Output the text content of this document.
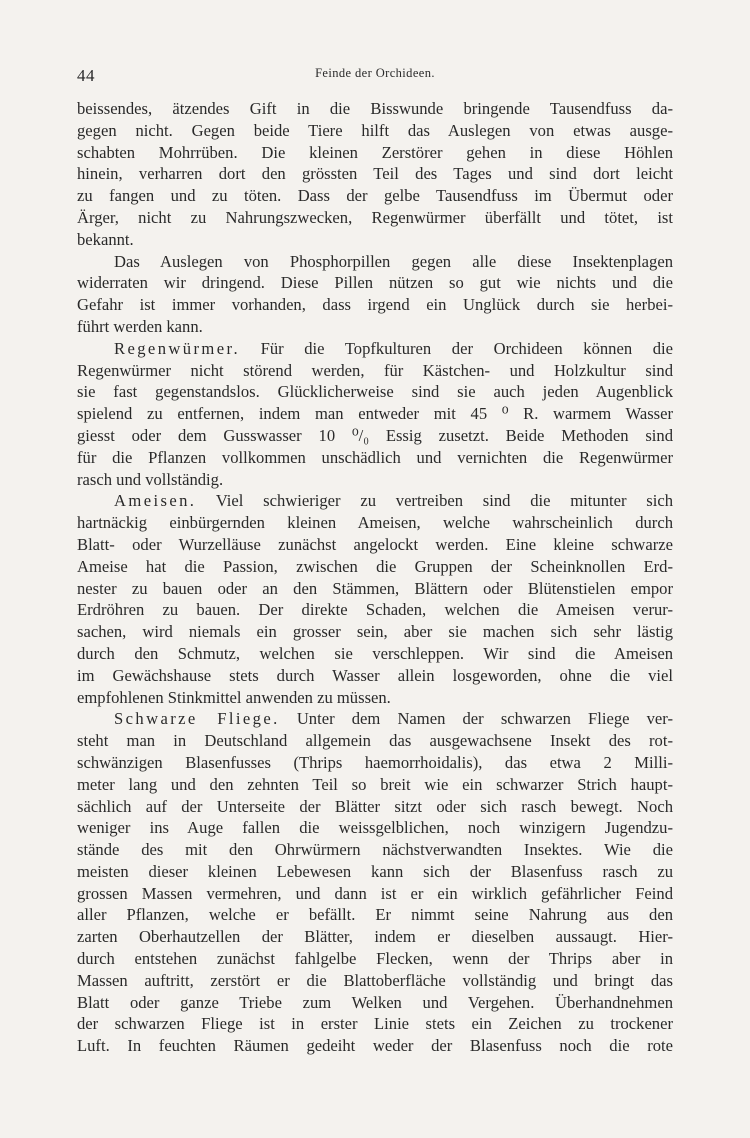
44	Feinde der Orchideen.
beissendes, ätzendes Gift in die Bisswunde bringende Tausendfuss da-
gegen nicht. Gegen beide Tiere hilft das Auslegen von etwas ausge-
schabten Mohrrüben. Die kleinen Zerstörer gehen in diese Höhlen
hinein, verharren dort den grössten Teil des Tages und sind dort leicht
zu fangen und zu töten. Dass der gelbe Tausendfuss im Übermut oder
Ärger, nicht zu Nahrungszwecken, Regenwürmer überfällt und tötet, ist
bekannt.
Das Auslegen von Phosphorpillen gegen alle diese Insektenplagen
widerraten wir dringend. Diese Pillen nützen so gut wie nichts und die
Gefahr ist immer vorhanden, dass irgend ein Unglück durch sie herbei-
führt werden kann.
Regenwürmer. Für die Topfkulturen der Orchideen können die
Regenwürmer nicht störend werden, für Kästchen- und Holzkultur sind
sie fast gegenstandslos. Glücklicherweise sind sie auch jeden Augenblick
spielend zu entfernen, indem man entweder mit 45 ⁰ R. warmem Wasser
giesst oder dem Gusswasser 10 ⁰/₀ Essig zusetzt. Beide Methoden sind
für die Pflanzen vollkommen unschädlich und vernichten die Regenwürmer
rasch und vollständig.
Ameisen. Viel schwieriger zu vertreiben sind die mitunter sich
hartnäckig einbürgernden kleinen Ameisen, welche wahrscheinlich durch
Blatt- oder Wurzelläuse zunächst angelockt werden. Eine kleine schwarze
Ameise hat die Passion, zwischen die Gruppen der Scheinknollen Erd-
nester zu bauen oder an den Stämmen, Blättern oder Blütenstielen empor
Erdröhren zu bauen. Der direkte Schaden, welchen die Ameisen verur-
sachen, wird niemals ein grosser sein, aber sie machen sich sehr lästig
durch den Schmutz, welchen sie verschleppen. Wir sind die Ameisen
im Gewächshause stets durch Wasser allein losgeworden, ohne die viel
empfohlenen Stinkmittel anwenden zu müssen.
Schwarze Fliege. Unter dem Namen der schwarzen Fliege ver-
steht man in Deutschland allgemein das ausgewachsene Insekt des rot-
schwänzigen Blasenfusses (Thrips haemorrhoidalis), das etwa 2 Milli-
meter lang und den zehnten Teil so breit wie ein schwarzer Strich haupt-
sächlich auf der Unterseite der Blätter sitzt oder sich rasch bewegt. Noch
weniger ins Auge fallen die weissgelblichen, noch winzigern Jugendzu-
stände des mit den Ohrwürmern nächstverwandten Insektes. Wie die
meisten dieser kleinen Lebewesen kann sich der Blasenfuss rasch zu
grossen Massen vermehren, und dann ist er ein wirklich gefährlicher Feind
aller Pflanzen, welche er befällt. Er nimmt seine Nahrung aus den
zarten Oberhautzellen der Blätter, indem er dieselben aussaugt. Hier-
durch entstehen zunächst fahlgelbe Flecken, wenn der Thrips aber in
Massen auftritt, zerstört er die Blattoberfläche vollständig und bringt das
Blatt oder ganze Triebe zum Welken und Vergehen. Überhandnehmen
der schwarzen Fliege ist in erster Linie stets ein Zeichen zu trockener
Luft. In feuchten Räumen gedeiht weder der Blasenfuss noch die rote
